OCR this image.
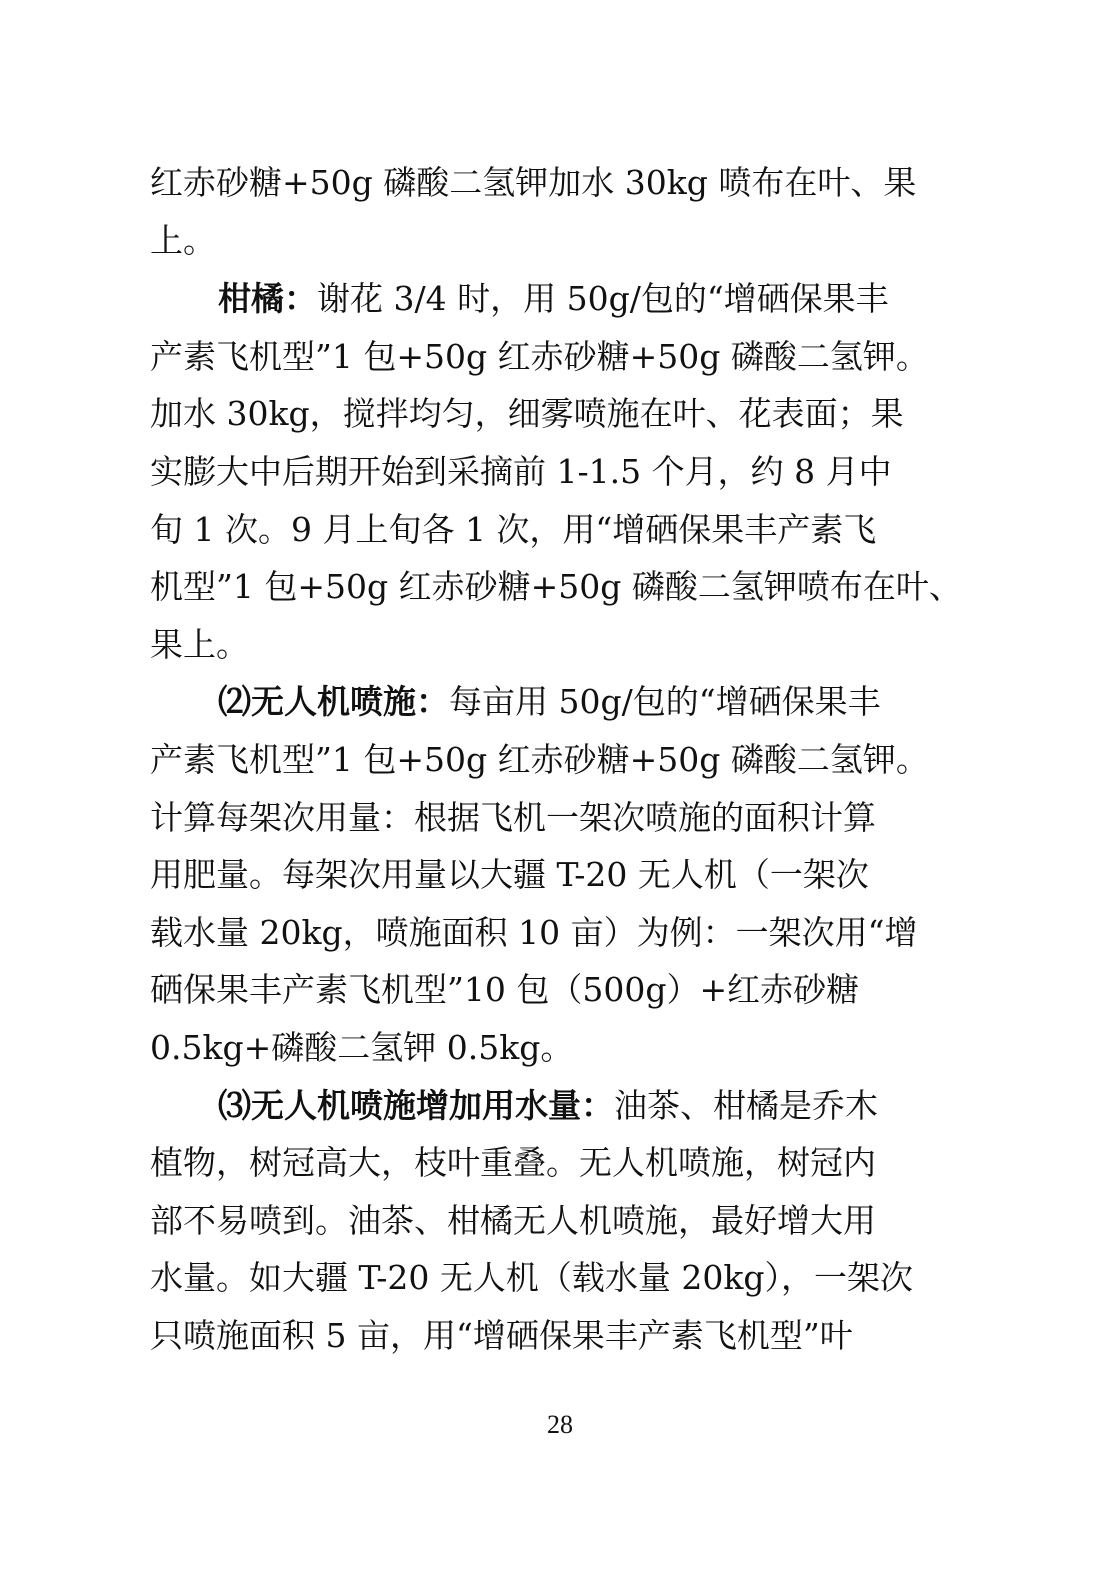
红赤砂糖+50g 磷酸二氢钾加水 30kg 喷布在叶、果
上。
柑橘：谢花 3/4 时，用 50g/包的“增硒保果丰
产素飞机型”1 包+50g 红赤砂糖+50g 磷酸二氢钾。
加水 30kg，搅拌均匀，细雾喷施在叶、花表面；果
实膨大中后期开始到采摘前 1-1.5 个月，约 8 月中
旬 1 次。9 月上旬各 1 次，用“增硒保果丰产素飞
机型”1 包+50g 红赤砂糖+50g 磷酸二氢钾喷布在叶、
果上。
⑵无人机喷施：每亩用 50g/包的“增硒保果丰
产素飞机型”1 包+50g 红赤砂糖+50g 磷酸二氢钾。
计算每架次用量：根据飞机一架次喷施的面积计算
用肥量。每架次用量以大疆 T-20 无人机（一架次
载水量 20kg，喷施面积 10 亩）为例：一架次用“增
硒保果丰产素飞机型”10 包（500g）+红赤砂糖
0.5kg+磷酸二氢钾 0.5kg。
⑶无人机喷施增加用水量：油茶、柑橘是乔木
植物，树冠高大，枝叶重叠。无人机喷施，树冠内
部不易喷到。油茶、柑橘无人机喷施，最好增大用
水量。如大疆 T-20 无人机（载水量 20kg），一架次
只喷施面积 5 亩，用“增硒保果丰产素飞机型”叶
28
